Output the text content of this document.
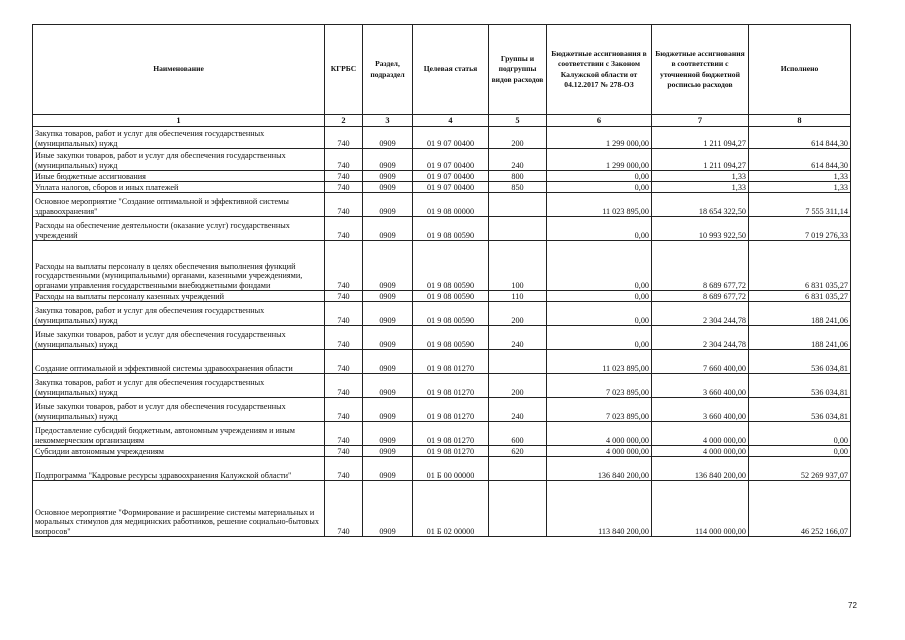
Наименование	КГРБС	Раздел, подраздел	Целевая статья	Группы и подгруппы видов расходов	Бюджетные ассигнования в соответствии с Законом Калужской области от 04.12.2017 № 278-ОЗ	Бюджетные ассигнования в соответствии с уточненной бюджетной росписью расходов	Исполнено
1	2	3	4	5	6	7	8
Закупка товаров, работ и услуг для обеспечения государственных (муниципальных) нужд	740	0909	01 9 07 00400	200	1 299 000,00	1 211 094,27	614 844,30
Иные закупки товаров, работ и услуг для обеспечения государственных (муниципальных) нужд	740	0909	01 9 07 00400	240	1 299 000,00	1 211 094,27	614 844,30
Иные бюджетные ассигнования	740	0909	01 9 07 00400	800	0,00	1,33	1,33
Уплата налогов, сборов и иных платежей	740	0909	01 9 07 00400	850	0,00	1,33	1,33
Основное мероприятие "Создание оптимальной и эффективной системы здравоохранения"	740	0909	01 9 08 00000		11 023 895,00	18 654 322,50	7 555 311,14
Расходы на обеспечение деятельности (оказание услуг) государственных учреждений	740	0909	01 9 08 00590		0,00	10 993 922,50	7 019 276,33
Расходы на выплаты персоналу в целях обеспечения выполнения функций государственными (муниципальными) органами, казенными учреждениями, органами управления государственными внебюджетными фондами	740	0909	01 9 08 00590	100	0,00	8 689 677,72	6 831 035,27
Расходы на выплаты персоналу казенных учреждений	740	0909	01 9 08 00590	110	0,00	8 689 677,72	6 831 035,27
Закупка товаров, работ и услуг для обеспечения государственных (муниципальных) нужд	740	0909	01 9 08 00590	200	0,00	2 304 244,78	188 241,06
Иные закупки товаров, работ и услуг для обеспечения государственных (муниципальных) нужд	740	0909	01 9 08 00590	240	0,00	2 304 244,78	188 241,06
Создание оптимальной и эффективной системы здравоохранения области	740	0909	01 9 08 01270		11 023 895,00	7 660 400,00	536 034,81
Закупка товаров, работ и услуг для обеспечения государственных (муниципальных) нужд	740	0909	01 9 08 01270	200	7 023 895,00	3 660 400,00	536 034,81
Иные закупки товаров, работ и услуг для обеспечения государственных (муниципальных) нужд	740	0909	01 9 08 01270	240	7 023 895,00	3 660 400,00	536 034,81
Предоставление субсидий бюджетным, автономным учреждениям и иным некоммерческим организациям	740	0909	01 9 08 01270	600	4 000 000,00	4 000 000,00	0,00
Субсидии автономным учреждениям	740	0909	01 9 08 01270	620	4 000 000,00	4 000 000,00	0,00
Подпрограмма "Кадровые ресурсы здравоохранения Калужской области"	740	0909	01 Б 00 00000		136 840 200,00	136 840 200,00	52 269 937,07
Основное мероприятие "Формирование и расширение системы материальных и моральных стимулов для медицинских работников, решение социально-бытовых вопросов"	740	0909	01 Б 02 00000		113 840 200,00	114 000 000,00	46 252 166,07
72
